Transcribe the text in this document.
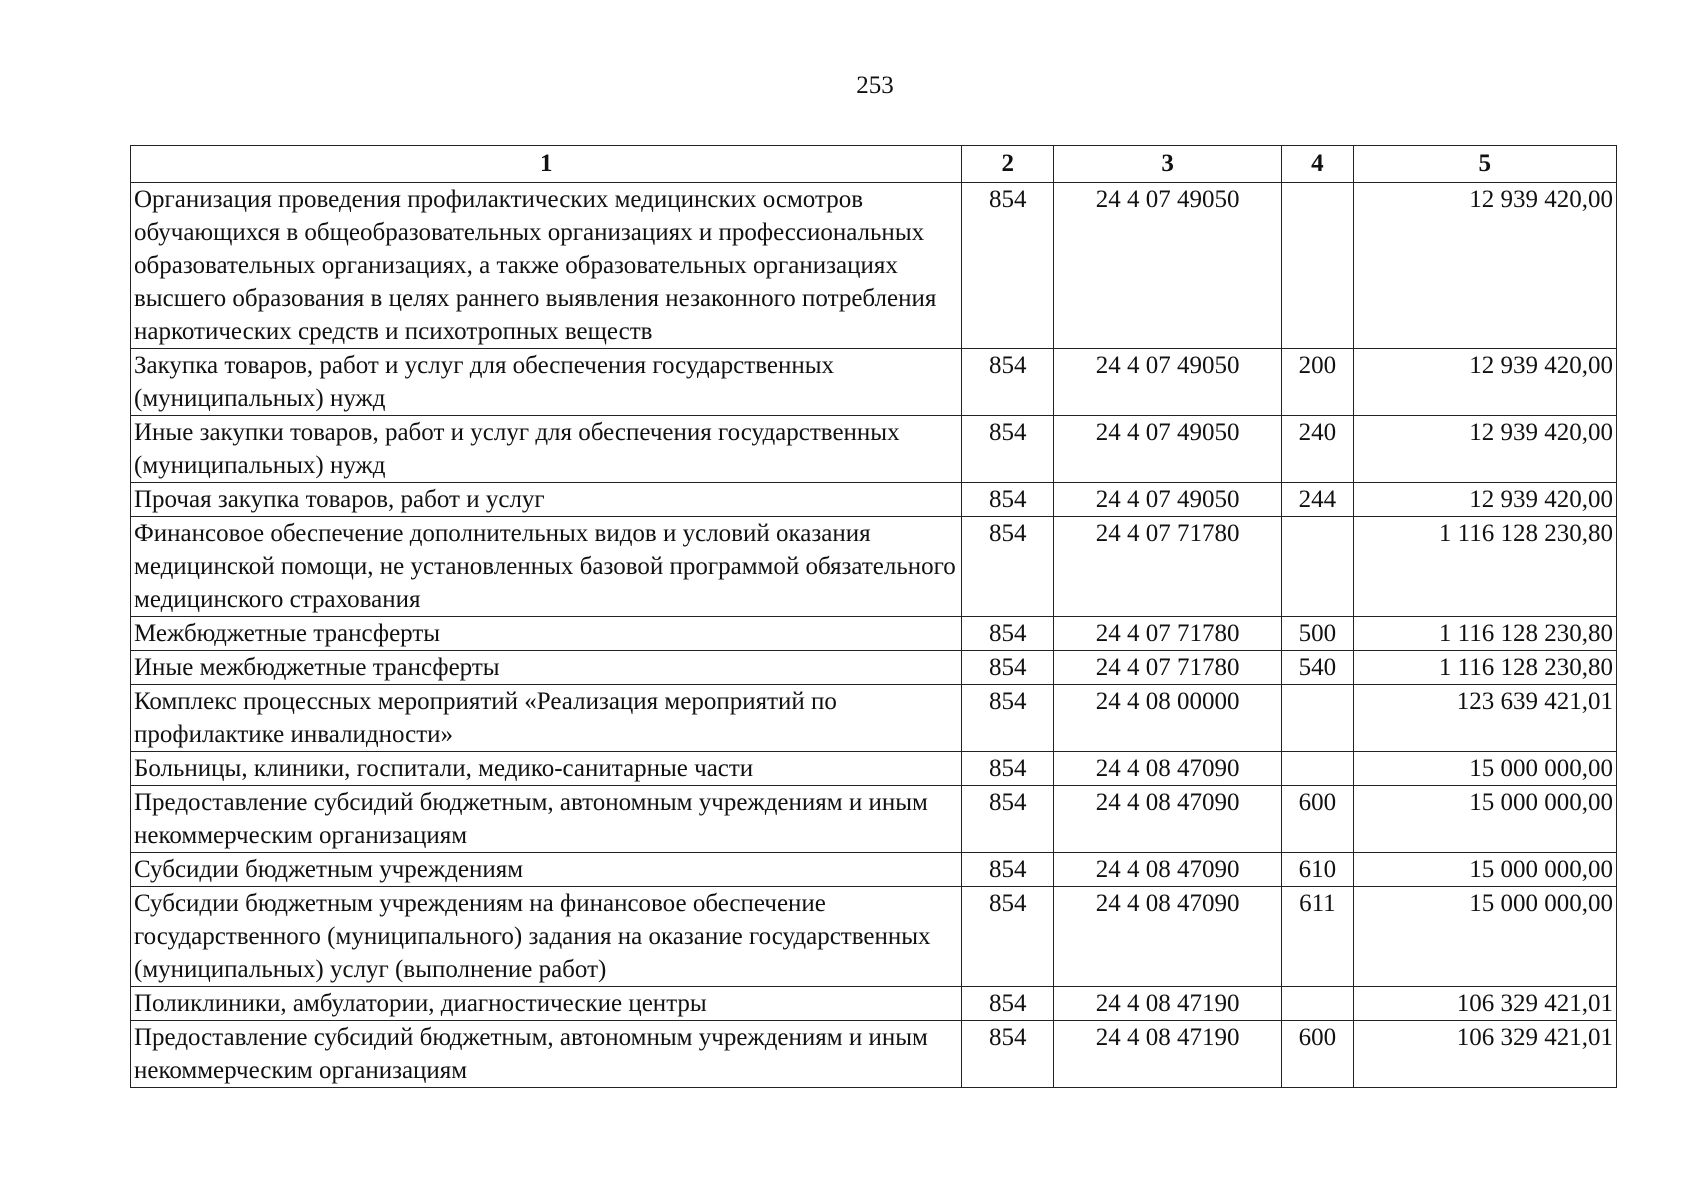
253
1	2	3	4	5
Организация проведения профилактических медицинских осмотров обучающихся в общеобразовательных организациях и профессиональных образовательных организациях, а также образовательных организациях высшего образования в целях раннего выявления незаконного потребления наркотических средств и психотропных веществ	854	24 4 07 49050		12 939 420,00
Закупка товаров, работ и услуг для обеспечения государственных (муниципальных) нужд	854	24 4 07 49050	200	12 939 420,00
Иные закупки товаров, работ и услуг для обеспечения государственных (муниципальных) нужд	854	24 4 07 49050	240	12 939 420,00
Прочая закупка товаров, работ и услуг	854	24 4 07 49050	244	12 939 420,00
Финансовое обеспечение дополнительных видов и условий оказания медицинской помощи, не установленных базовой программой обязательного медицинского страхования	854	24 4 07 71780		1 116 128 230,80
Межбюджетные трансферты	854	24 4 07 71780	500	1 116 128 230,80
Иные межбюджетные трансферты	854	24 4 07 71780	540	1 116 128 230,80
Комплекс процессных мероприятий «Реализация мероприятий по профилактике инвалидности»	854	24 4 08 00000		123 639 421,01
Больницы, клиники, госпитали, медико-санитарные части	854	24 4 08 47090		15 000 000,00
Предоставление субсидий бюджетным, автономным учреждениям и иным некоммерческим организациям	854	24 4 08 47090	600	15 000 000,00
Субсидии бюджетным учреждениям	854	24 4 08 47090	610	15 000 000,00
Субсидии бюджетным учреждениям на финансовое обеспечение государственного (муниципального) задания на оказание государственных (муниципальных) услуг (выполнение работ)	854	24 4 08 47090	611	15 000 000,00
Поликлиники, амбулатории, диагностические центры	854	24 4 08 47190		106 329 421,01
Предоставление субсидий бюджетным, автономным учреждениям и иным некоммерческим организациям	854	24 4 08 47190	600	106 329 421,01
